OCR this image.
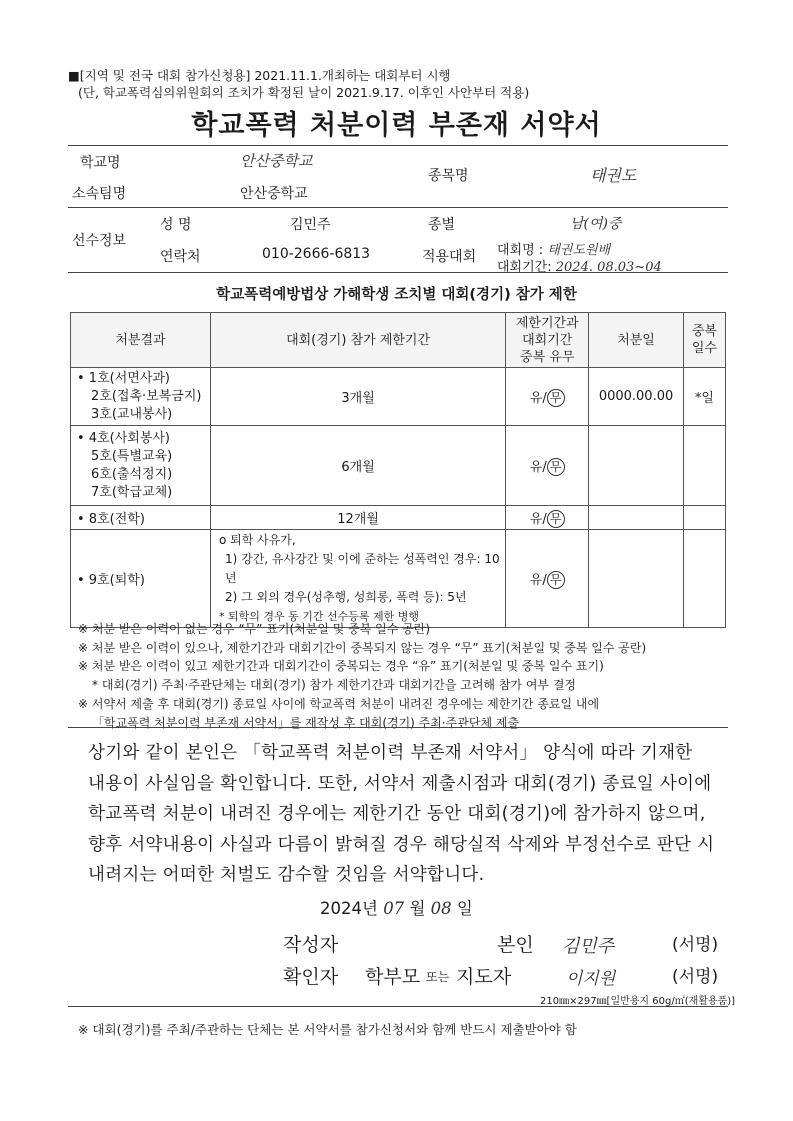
■[지역 및 전국 대회 참가신청용] 2021.11.1.개최하는 대회부터 시행
(단, 학교폭력심의위원회의 조치가 확정된 날이 2021.9.17. 이후인 사안부터 적용)
학교폭력 처분이력 부존재 서약서
학교명	안산중학교
소속팀명	안산중학교
종목명	태권도
선수정보
성 명	김민주	종별	남(여)중
연락처	010-2666-6813	적용대회 대회명 : 태권도원배
대회기간: 2024. 08.03~04
학교폭력예방법상 가해학생 조치별 대회(경기) 참가 제한
처분결과	대회(경기) 참가 제한기간	제한기간과
대회기간
중복 유무	처분일	중복
일수

• 1호(서면사과)
2호(접촉·보복금지)
3호(교내봉사)	3개월	유/ 무	0000.00.00	*일

• 4호(사회봉사)
5호(특별교육)
6호(출석정지)
7호(학급교체)	6개월	유/ 무		
• 8호(전학)	12개월	유/ 무		
• 9호(퇴학)	o 퇴학 사유가,
1) 강간, 유사강간 및 이에 준하는 성폭력인 경우: 10년
2) 그 외의 경우(성추행, 성희롱, 폭력 등): 5년
* 퇴학의 경우 동 기간 선수등록 제한 병행	유/ 무		
※ 처분 받은 이력이 없는 경우 “무” 표기(처분일 및 중복 일수 공란)
※ 처분 받은 이력이 있으나, 제한기간과 대회기간이 중복되지 않는 경우 “무” 표기(처분일 및 중복 일수 공란)
※ 처분 받은 이력이 있고 제한기간과 대회기간이 중복되는 경우 “유” 표기(처분일 및 중복 일수 표기)
* 대회(경기) 주최·주관단체는 대회(경기) 참가 제한기간과 대회기간을 고려해 참가 여부 결정
※ 서약서 제출 후 대회(경기) 종료일 사이에 학교폭력 처분이 내려진 경우에는 제한기간 종료일 내에
「학교폭력 처분이력 부존재 서약서」를 재작성 후 대회(경기) 주최·주관단체 제출
상기와 같이 본인은 「학교폭력 처분이력 부존재 서약서」 양식에 따라 기재한
내용이 사실임을 확인합니다. 또한, 서약서 제출시점과 대회(경기) 종료일 사이에
학교폭력 처분이 내려진 경우에는 제한기간 동안 대회(경기)에 참가하지 않으며,
향후 서약내용이 사실과 다름이 밝혀질 경우 해당실적 삭제와 부정선수로 판단 시
내려지는 어떠한 처벌도 감수할 것임을 서약합니다.
2024년 07 월 08 일
작성자	본인 김민주	(서명)
확인자 학부모 또는 지도자	이지원	(서명)
210㎜×297㎜[일반용지 60g/㎡(재활용품)]
※ 대회(경기)를 주최/주관하는 단체는 본 서약서를 참가신청서와 함께 반드시 제출받아야 함
